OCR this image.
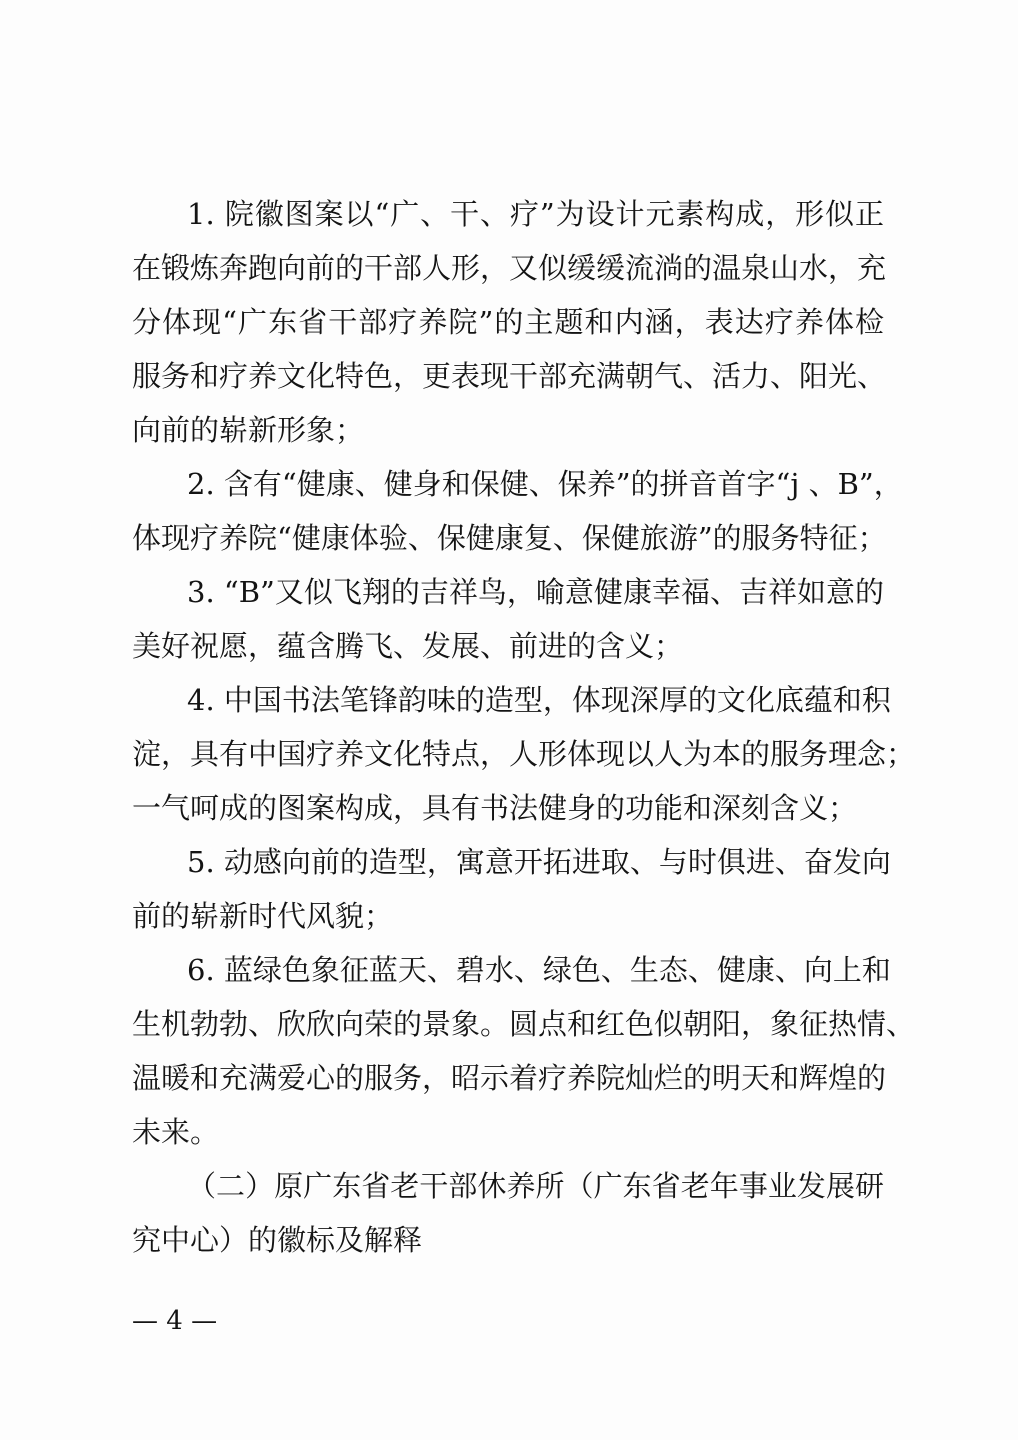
1. 院徽图案以“广、干、疗”为设计元素构成，形似正
在锻炼奔跑向前的干部人形，又似缓缓流淌的温泉山水，充
分体现“广东省干部疗养院”的主题和内涵，表达疗养体检
服务和疗养文化特色，更表现干部充满朝气、活力、阳光、
向前的崭新形象；
2. 含有“健康、健身和保健、保养”的拼音首字“j 、B”，
体现疗养院“健康体验、保健康复、保健旅游”的服务特征；
3. “B”又似飞翔的吉祥鸟，喻意健康幸福、吉祥如意的
美好祝愿，蕴含腾飞、发展、前进的含义；
4. 中国书法笔锋韵味的造型，体现深厚的文化底蕴和积
淀，具有中国疗养文化特点，人形体现以人为本的服务理念；
一气呵成的图案构成，具有书法健身的功能和深刻含义；
5. 动感向前的造型，寓意开拓进取、与时俱进、奋发向
前的崭新时代风貌；
6. 蓝绿色象征蓝天、碧水、绿色、生态、健康、向上和
生机勃勃、欣欣向荣的景象。圆点和红色似朝阳，象征热情、
温暖和充满爱心的服务，昭示着疗养院灿烂的明天和辉煌的
未来。
（二）原广东省老干部休养所（广东省老年事业发展研
究中心）的徽标及解释
— 4 —
